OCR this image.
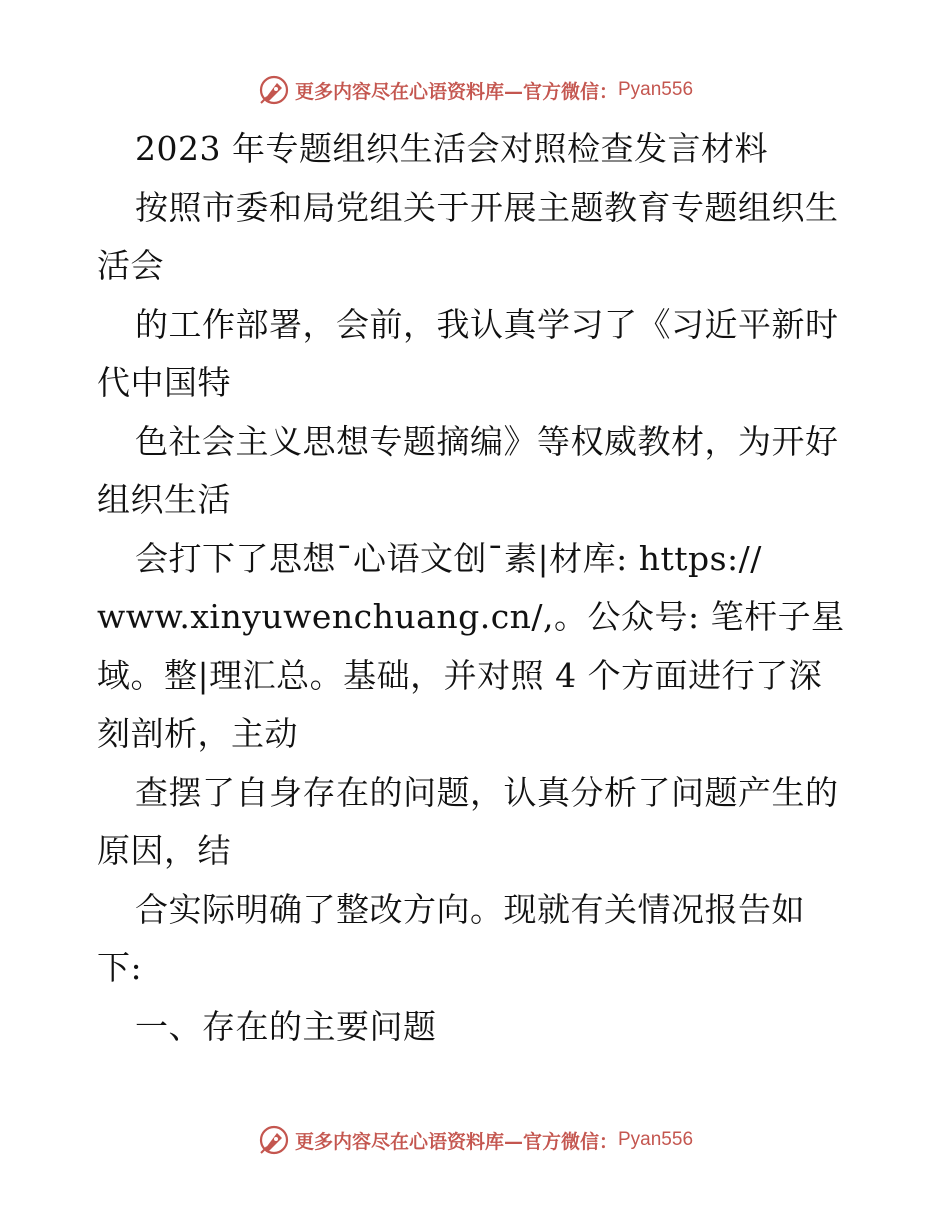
更多内容尽在心语资料库—官方微信： Pyan556
2023 年专题组织生活会对照检查发言材料
按照市委和局党组关于开展主题教育专题组织生
活会
的工作部署，会前，我认真学习了《习近平新时
代中国特
色社会主义思想专题摘编》等权威教材，为开好
组织生活
会打下了思想¯心语文创¯素|材库: https://
www.xinyuwenchuang.cn/,。公众号: 笔杆子星
域。整|理汇总。基础，并对照 4 个方面进行了深
刻剖析，主动
查摆了自身存在的问题，认真分析了问题产生的
原因，结
合实际明确了整改方向。现就有关情况报告如
下:
一、存在的主要问题
更多内容尽在心语资料库—官方微信： Pyan556
